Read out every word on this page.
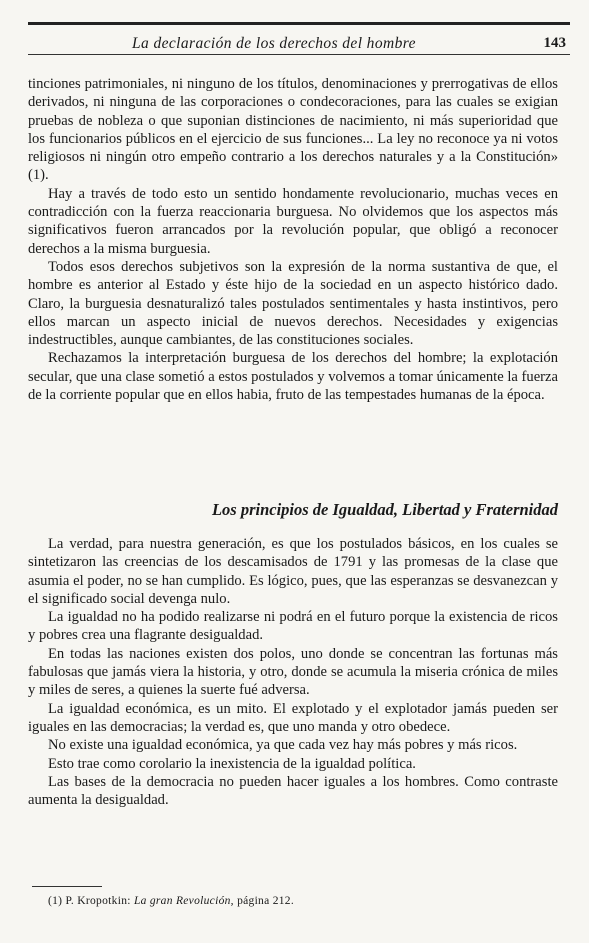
La declaración de los derechos del hombre	143

tinciones patrimoniales, ni ninguno de los títulos, denominaciones y prerrogativas de ellos derivados, ni ninguna de las corporaciones o condecoraciones, para las cuales se exigian pruebas de nobleza o que suponian distinciones de nacimiento, ni más superioridad que los funcionarios públicos en el ejercicio de sus funciones... La ley no reconoce ya ni votos religiosos ni ningún otro empeño contrario a los derechos naturales y a la Constitución» (1).

Hay a través de todo esto un sentido hondamente revolucionario, muchas veces en contradicción con la fuerza reaccionaria burguesa. No olvidemos que los aspectos más significativos fueron arrancados por la revolución popular, que obligó a reconocer derechos a la misma burguesia.

Todos esos derechos subjetivos son la expresión de la norma sustantiva de que, el hombre es anterior al Estado y éste hijo de la sociedad en un aspecto histórico dado. Claro, la burguesia desnaturalizó tales postulados sentimentales y hasta instintivos, pero ellos marcan un aspecto inicial de nuevos derechos. Necesidades y exigencias indestructibles, aunque cambiantes, de las constituciones sociales.

Rechazamos la interpretación burguesa de los derechos del hombre; la explotación secular, que una clase sometió a estos postulados y volvemos a tomar únicamente la fuerza de la corriente popular que en ellos habia, fruto de las tempestades humanas de la época.

Los principios de Igualdad, Libertad y Fraternidad

La verdad, para nuestra generación, es que los postulados básicos, en los cuales se sintetizaron las creencias de los descamisados de 1791 y las promesas de la clase que asumia el poder, no se han cumplido. Es lógico, pues, que las esperanzas se desvanezcan y el significado social devenga nulo.

La igualdad no ha podido realizarse ni podrá en el futuro porque la existencia de ricos y pobres crea una flagrante desigualdad.

En todas las naciones existen dos polos, uno donde se concentran las fortunas más fabulosas que jamás viera la historia, y otro, donde se acumula la miseria crónica de miles y miles de seres, a quienes la suerte fué adversa.

La igualdad económica, es un mito. El explotado y el explotador jamás pueden ser iguales en las democracias; la verdad es, que uno manda y otro obedece.

No existe una igualdad económica, ya que cada vez hay más pobres y más ricos.

Esto trae como corolario la inexistencia de la igualdad política.

Las bases de la democracia no pueden hacer iguales a los hombres. Como contraste aumenta la desigualdad.

(1) P. Kropotkin: La gran Revolución, página 212.
